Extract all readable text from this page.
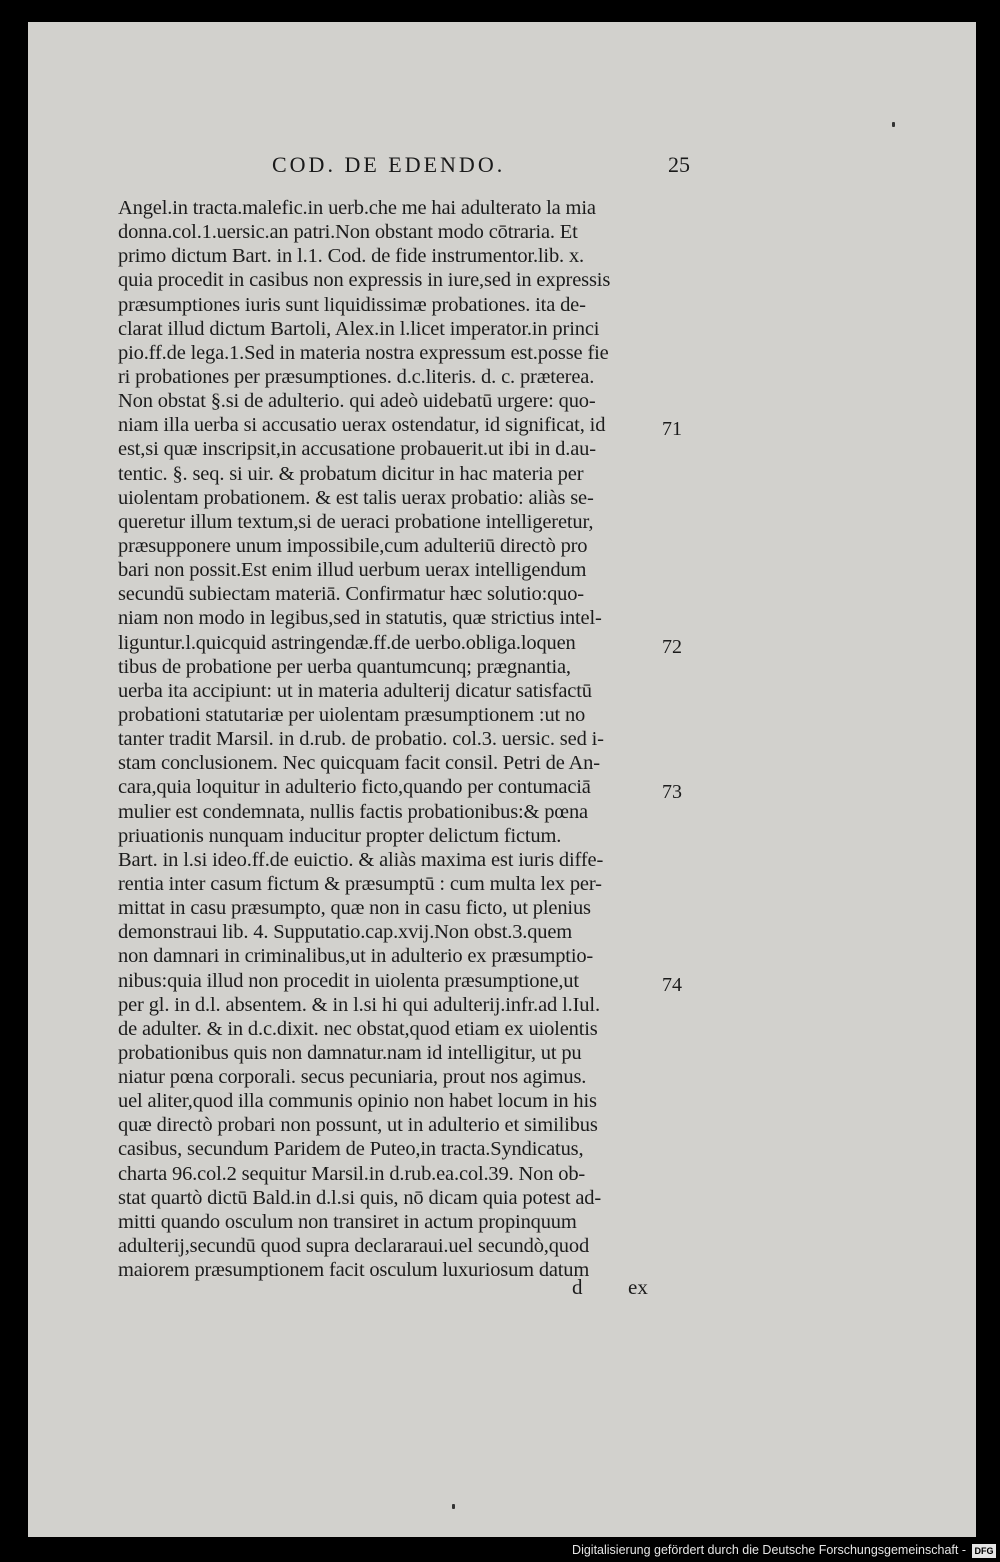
COD. DE EDENDO.	25
Angel.in tracta.malefic.in uerb.che me hai adulterato la mia
donna.col.1.uersic.an patri.Non obstant modo cōtraria. Et
primo dictum Bart. in l.1. Cod. de fide instrumentor.lib. x.
quia procedit in casibus non expressis in iure,sed in expressis
præsumptiones iuris sunt liquidissimæ probationes. ita de-
clarat illud dictum Bartoli, Alex.in l.licet imperator.in princi
pio.ff.de lega.1.Sed in materia nostra expressum est.posse fie
ri probationes per præsumptiones. d.c.literis. d. c. præterea.
Non obstat §.si de adulterio. qui adeò uidebatū urgere: quo-
niam illa uerba si accusatio uerax ostendatur, id significat, id
est,si quæ inscripsit,in accusatione probauerit.ut ibi in d.au-
tentic. §. seq. si uir. & probatum dicitur in hac materia per
uiolentam probationem. & est talis uerax probatio: aliàs se-
queretur illum textum,si de ueraci probatione intelligeretur,
præsupponere unum impossibile,cum adulteriū directò pro
bari non possit.Est enim illud uerbum uerax intelligendum
secundū subiectam materiā. Confirmatur hæc solutio:quo-
niam non modo in legibus,sed in statutis, quæ strictius intel-
liguntur.l.quicquid astringendæ.ff.de uerbo.obliga.loquen
tibus de probatione per uerba quantumcunq; prægnantia,
uerba ita accipiunt: ut in materia adulterij dicatur satisfactū
probationi statutariæ per uiolentam præsumptionem :ut no
tanter tradit Marsil. in d.rub. de probatio. col.3. uersic. sed i-
stam conclusionem. Nec quicquam facit consil. Petri de An-
cara,quia loquitur in adulterio ficto,quando per contumaciā
mulier est condemnata, nullis factis probationibus:& pœna
priuationis nunquam inducitur propter delictum fictum.
Bart. in l.si ideo.ff.de euictio. & aliàs maxima est iuris diffe-
rentia inter casum fictum & præsumptū : cum multa lex per-
mittat in casu præsumpto, quæ non in casu ficto, ut plenius
demonstraui lib. 4. Supputatio.cap.xvij.Non obst.3.quem
non damnari in criminalibus,ut in adulterio ex præsumptio-
nibus:quia illud non procedit in uiolenta præsumptione,ut
per gl. in d.l. absentem. & in l.si hi qui adulterij.infr.ad l.Iul.
de adulter. & in d.c.dixit. nec obstat,quod etiam ex uiolentis
probationibus quis non damnatur.nam id intelligitur, ut pu
niatur pœna corporali. secus pecuniaria, prout nos agimus.
uel aliter,quod illa communis opinio non habet locum in his
quæ directò probari non possunt, ut in adulterio et similibus
casibus, secundum Paridem de Puteo,in tracta.Syndicatus,
charta 96.col.2 sequitur Marsil.in d.rub.ea.col.39. Non ob-
stat quartò dictū Bald.in d.l.si quis, nō dicam quia potest ad-
mitti quando osculum non transiret in actum propinquum
adulterij,secundū quod supra declararaui.uel secundò,quod
maiorem præsumptionem facit osculum luxuriosum datum
71
72
73
74
d ex
Digitalisierung gefördert durch die Deutsche Forschungsgemeinschaft - DFG
